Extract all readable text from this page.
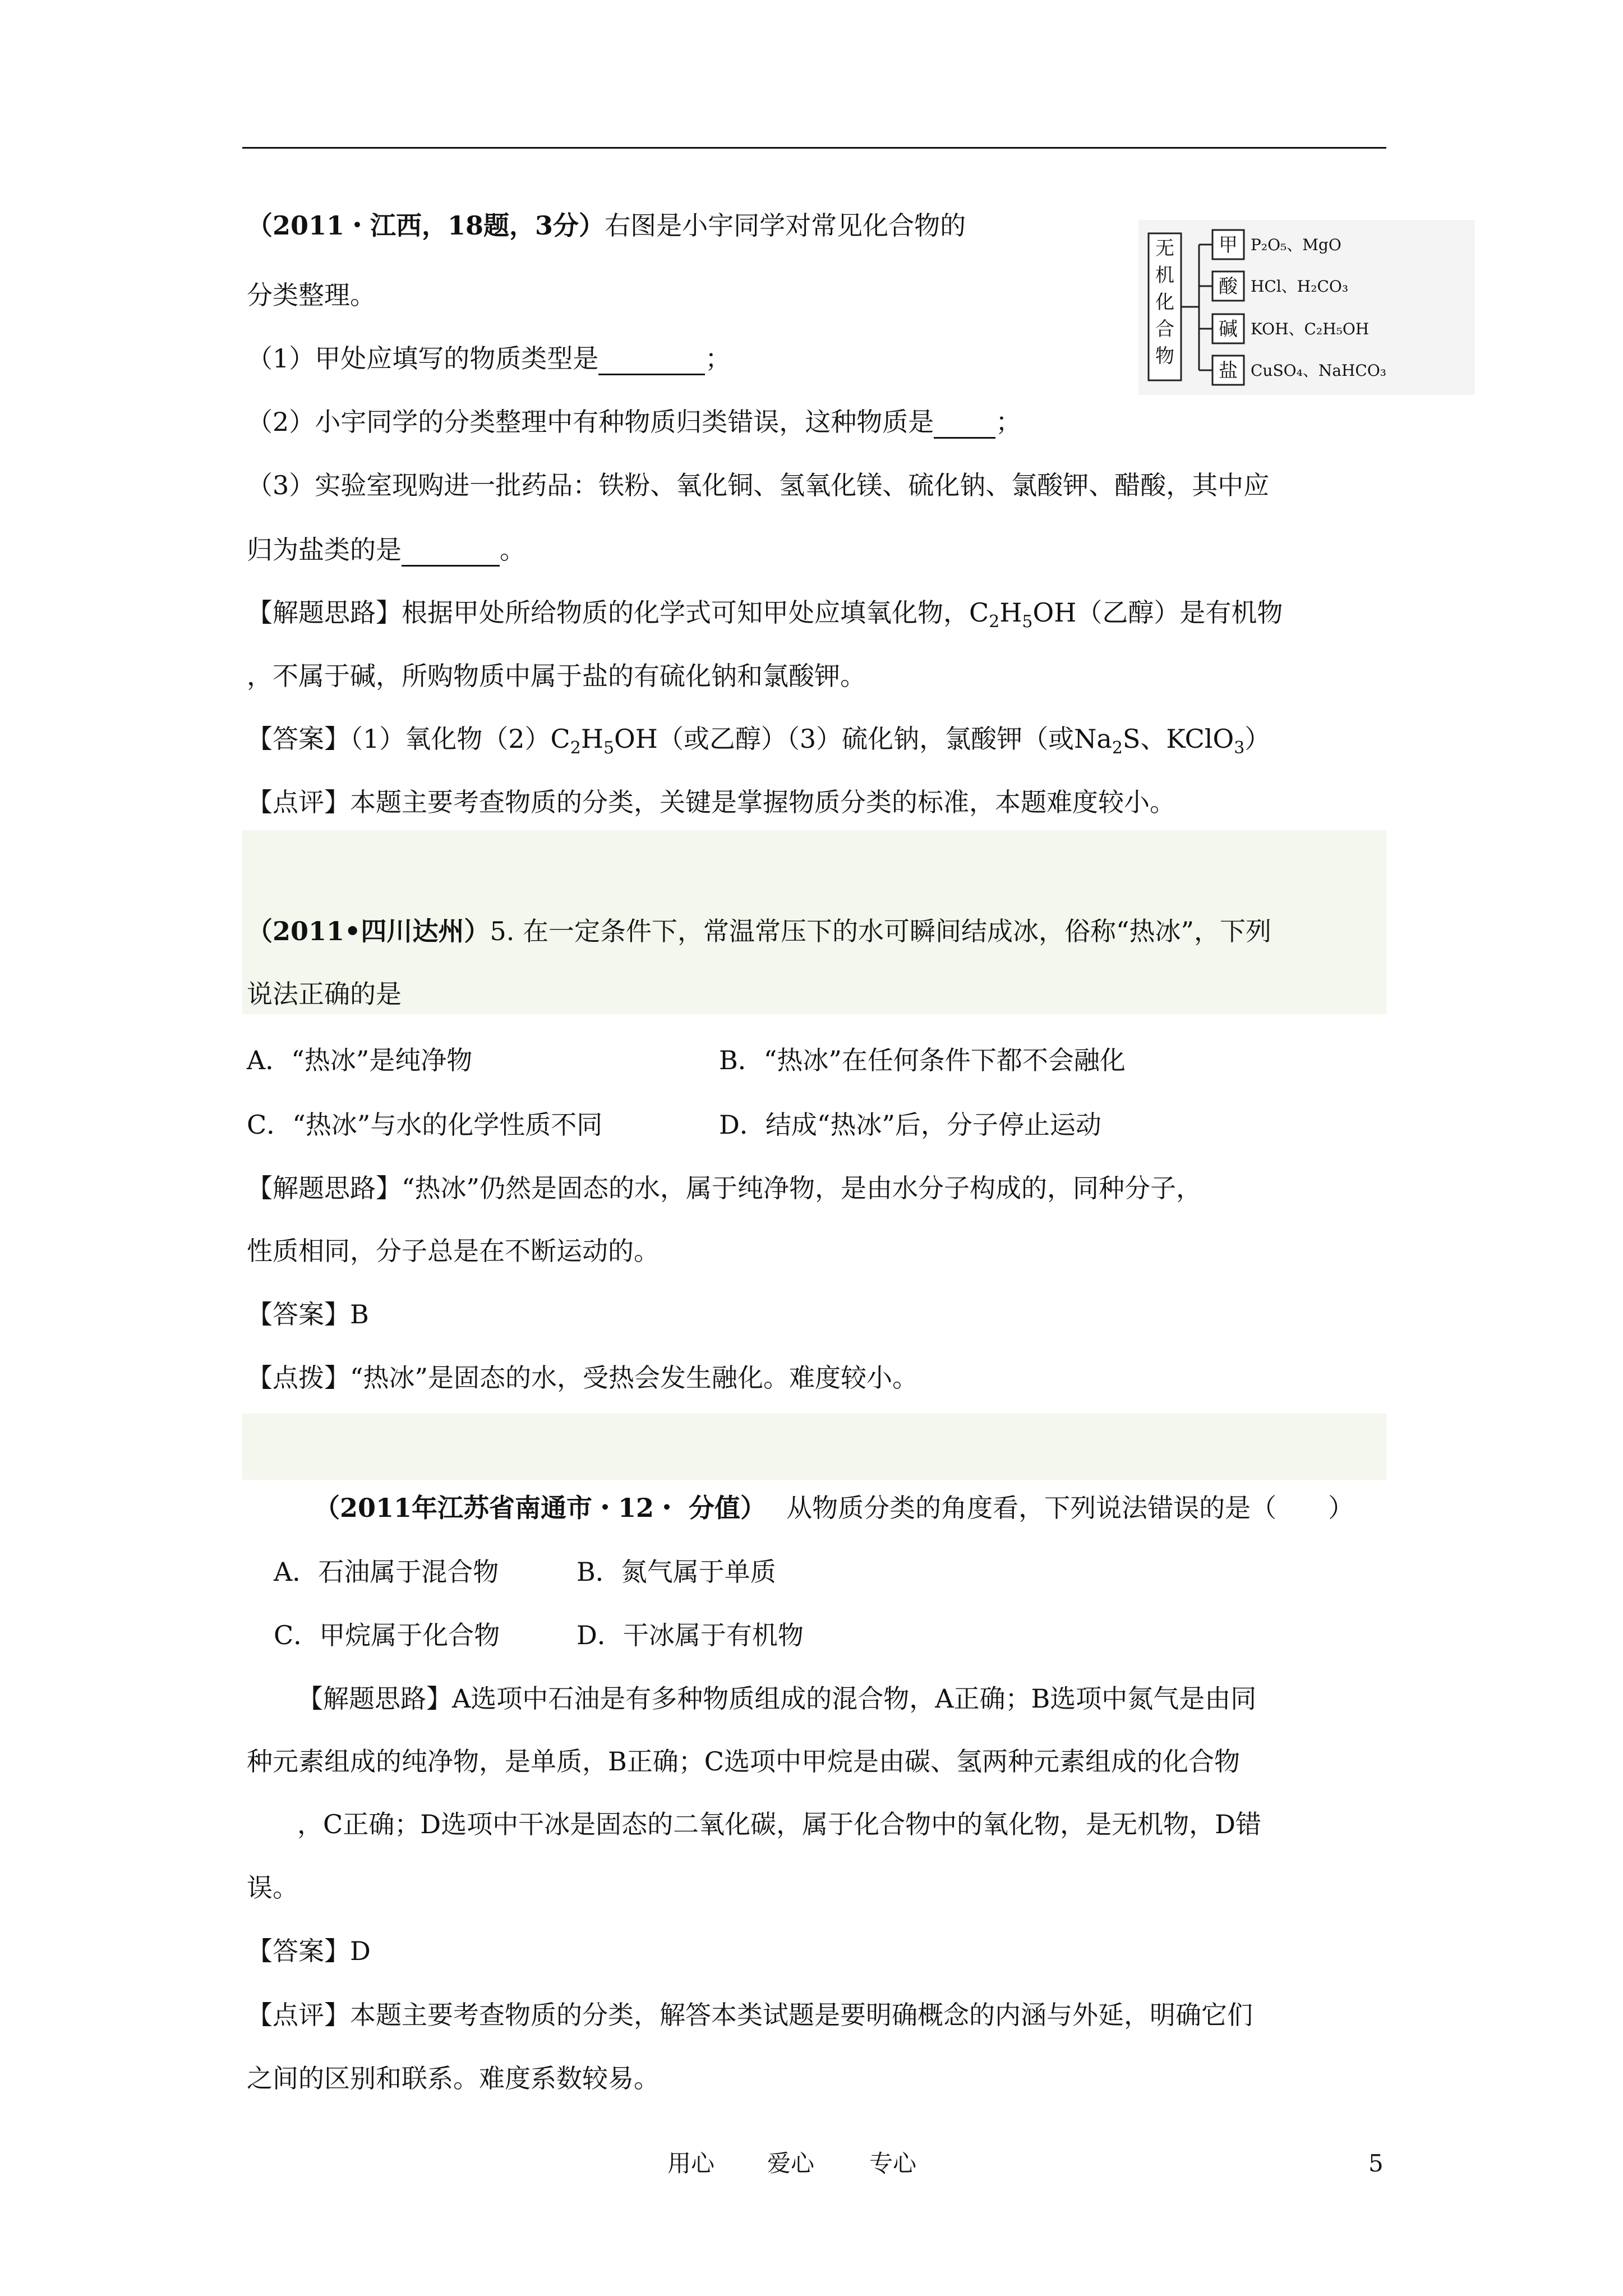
（2011・江西，18题，3分）右图是小宇同学对常见化合物的
分类整理。
（1）甲处应填写的物质类型是	；
（2）小宇同学的分类整理中有种物质归类错误，这种物质是 ；
（3）实验室现购进一批药品：铁粉、氧化铜、氢氧化镁、硫化钠、氯酸钾、醋酸，其中应
归为盐类的是	。
【解题思路】根据甲处所给物质的化学式可知甲处应填氧化物，$C_2H_5OH$（乙醇）是有机物
，不属于碱，所购物质中属于盐的有硫化钠和氯酸钾。
【答案】（1）氧化物$(2)C_2H_5OH$（或乙醇）（3）硫化钠，氯酸钾（或$Na_2S$、KClO$_3$）
【点评】本题主要考查物质的分类，关键是掌握物质分类的标准，本题难度较小。
无
机
化
合
物
甲 P₂O₅、MgO
酸 HCl、H₂CO₃
碱 KOH、C₂H₅OH
盐 CuSO₄、NaHCO₃
（2011•四川达州）5. 在一定条件下，常温常压下的水可瞬间结成冰，俗称“热冰”，下列
说法正确的是
A．“热冰”是纯净物	B．“热冰”在任何条件下都不会融化
C．“热冰”与水的化学性质不同	D．结成“热冰”后，分子停止运动
【解题思路】“热冰”仍然是固态的水，属于纯净物，是由水分子构成的，同种分子，
性质相同，分子总是在不断运动的。
【答案】B
【点拨】“热冰”是固态的水，受热会发生融化。难度较小。
（2011年江苏省南通市・12・ 分值） 从物质分类的角度看，下列说法错误的是（　　）
A．石油属于混合物	B．氮气属于单质
C．甲烷属于化合物	D．干冰属于有机物
【解题思路】A选项中石油是有多种物质组成的混合物，A正确；B选项中氮气是由同
种元素组成的纯净物，是单质，B正确；C选项中甲烷是由碳、氢两种元素组成的化合物
，C正确；D选项中干冰是固态的二氧化碳，属于化合物中的氧化物，是无机物，D错
误。
【答案】D
【点评】本题主要考查物质的分类，解答本类试题是要明确概念的内涵与外延，明确它们
之间的区别和联系。难度系数较易。
用心 爱心 专心	5
